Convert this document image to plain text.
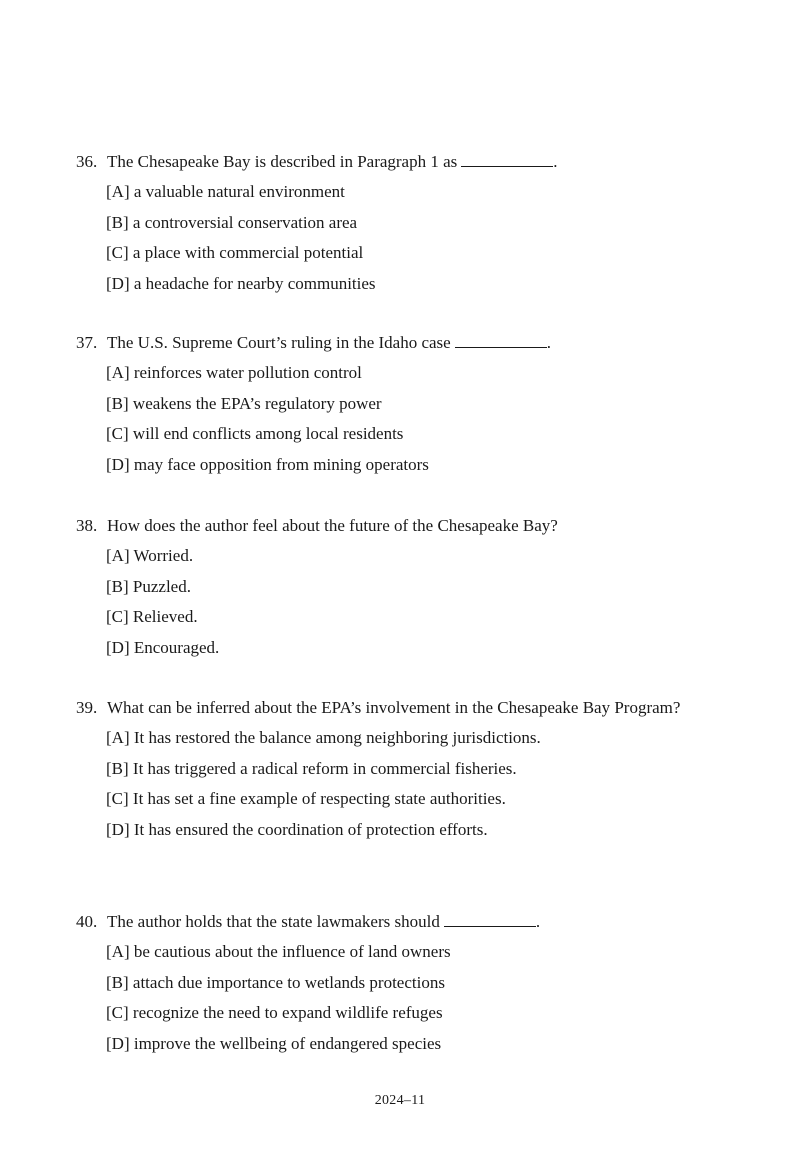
36. The Chesapeake Bay is described in Paragraph 1 as	.
[A] a valuable natural environment
[B] a controversial conservation area
[C] a place with commercial potential
[D] a headache for nearby communities
37. The U.S. Supreme Court’s ruling in the Idaho case	.
[A] reinforces water pollution control
[B] weakens the EPA’s regulatory power
[C] will end conflicts among local residents
[D] may face opposition from mining operators
38. How does the author feel about the future of the Chesapeake Bay?
[A] Worried.
[B] Puzzled.
[C] Relieved.
[D] Encouraged.
39. What can be inferred about the EPA’s involvement in the Chesapeake Bay Program?
[A] It has restored the balance among neighboring jurisdictions.
[B] It has triggered a radical reform in commercial fisheries.
[C] It has set a fine example of respecting state authorities.
[D] It has ensured the coordination of protection efforts.
40. The author holds that the state lawmakers should	.
[A] be cautious about the influence of land owners
[B] attach due importance to wetlands protections
[C] recognize the need to expand wildlife refuges
[D] improve the wellbeing of endangered species
2024–11
